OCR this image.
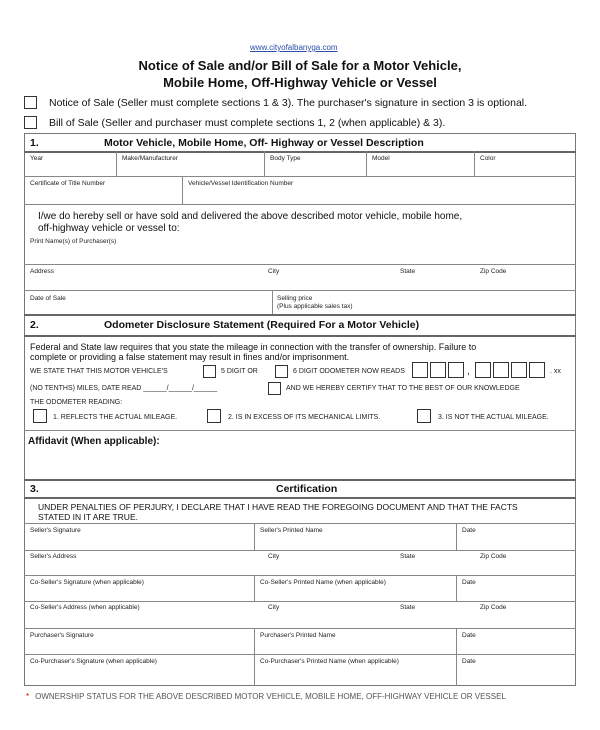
www.cityofalbanyga.com
Notice of Sale and/or Bill of Sale for a Motor Vehicle,
Mobile Home, Off-Highway Vehicle or Vessel
Notice of Sale (Seller must complete sections 1 & 3). The purchaser's signature in section 3 is optional.
Bill of Sale (Seller and purchaser must complete sections 1, 2 (when applicable) & 3).
1.	Motor Vehicle, Mobile Home, Off- Highway or Vessel Description
Year	Make/Manufacturer	Body Type	Model	Color
Certificate of Title Number	Vehicle/Vessel Identification Number
I/we do hereby sell or have sold and delivered the above described motor vehicle, mobile home,
off-highway vehicle or vessel to:
Print Name(s) of Purchaser(s)
Address	City	State	Zip Code
Date of Sale	Selling price
(Plus applicable sales tax)
2.	Odometer Disclosure Statement (Required For a Motor Vehicle)
Federal and State law requires that you state the mileage in connection with the transfer of ownership. Failure to
complete or providing a false statement may result in fines and/or imprisonment.
WE STATE THAT THIS MOTOR VEHICLE'S	5 DIGIT OR	6 DIGIT ODOMETER NOW READS	,	. xx
(NO TENTHS) MILES, DATE READ ______/______/______	AND WE HEREBY CERTIFY THAT TO THE BEST OF OUR KNOWLEDGE
THE ODOMETER READING:
1. REFLECTS THE ACTUAL MILEAGE.	2. IS IN EXCESS OF ITS MECHANICAL LIMITS.	3. IS NOT THE ACTUAL MILEAGE.
Affidavit (When applicable):
3.	Certification
UNDER PENALTIES OF PERJURY, I DECLARE THAT I HAVE READ THE FOREGOING DOCUMENT AND THAT THE FACTS
STATED IN IT ARE TRUE.
Seller's Signature	Seller's Printed Name	Date
Seller's Address	City	State	Zip Code
Co-Seller's Signature (when applicable)	Co-Seller's Printed Name (when applicable)	Date
Co-Seller's Address (when applicable)	City	State	Zip Code
Purchaser's Signature	Purchaser's Printed Name	Date
Co-Purchaser's Signature (when applicable)	Co-Purchaser's Printed Name (when applicable)	Date
* OWNERSHIP STATUS FOR THE ABOVE DESCRIBED MOTOR VEHICLE, MOBILE HOME, OFF-HIGHWAY VEHICLE OR VESSEL
